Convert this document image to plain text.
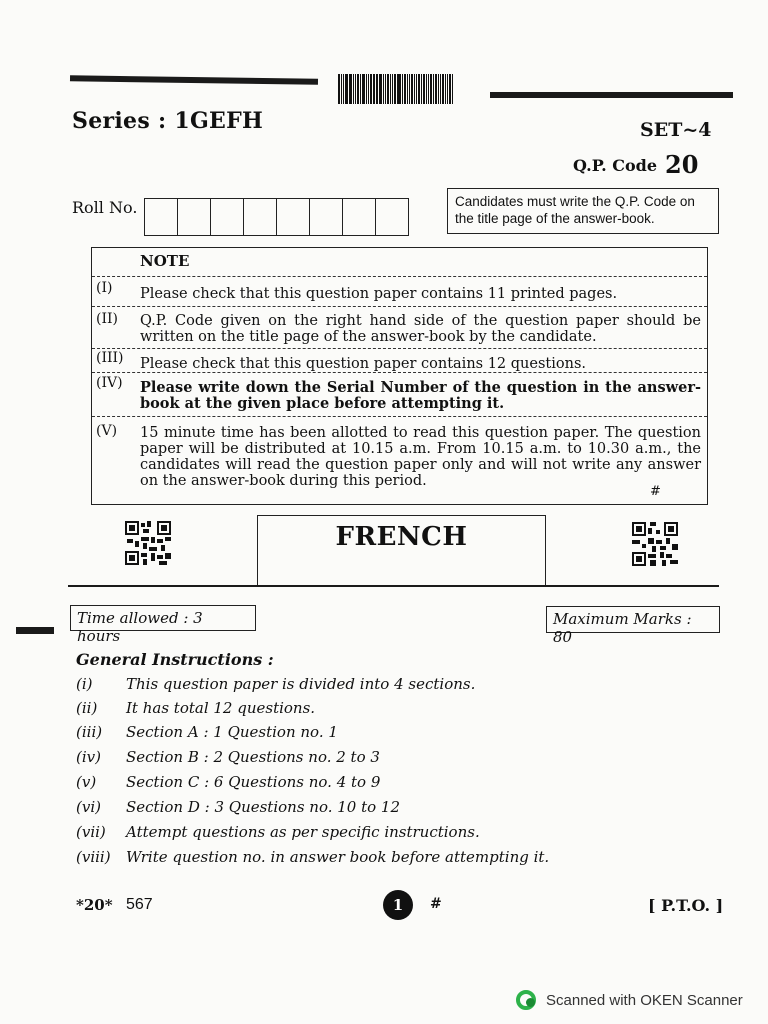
Series : 1GEFH	SET~4
Q.P. Code 20
Roll No.	Candidates must write the Q.P. Code on the title page of the answer-book.
NOTE
(I) Please check that this question paper contains 11 printed pages.
(II) Q.P. Code given on the right hand side of the question paper should be written on the title page of the answer-book by the candidate.
(III) Please check that this question paper contains 12 questions.
(IV) Please write down the Serial Number of the question in the answer-book at the given place before attempting it.
(V) 15 minute time has been allotted to read this question paper. The question paper will be distributed at 10.15 a.m. From 10.15 a.m. to 10.30 a.m., the candidates will read the question paper only and will not write any answer on the answer-book during this period.
#
FRENCH
Time allowed : 3 hours
Maximum Marks : 80
General Instructions :
(i) This question paper is divided into 4 sections.
(ii) It has total 12 questions.
(iii) Section A : 1 Question no. 1
(iv) Section B : 2 Questions no. 2 to 3
(v) Section C : 6 Questions no. 4 to 9
(vi) Section D : 3 Questions no. 10 to 12
(vii) Attempt questions as per specific instructions.
(viii) Write question no. in answer book before attempting it.
*20* 567	1	#	[ P.T.O. ]
Scanned with OKEN Scanner
